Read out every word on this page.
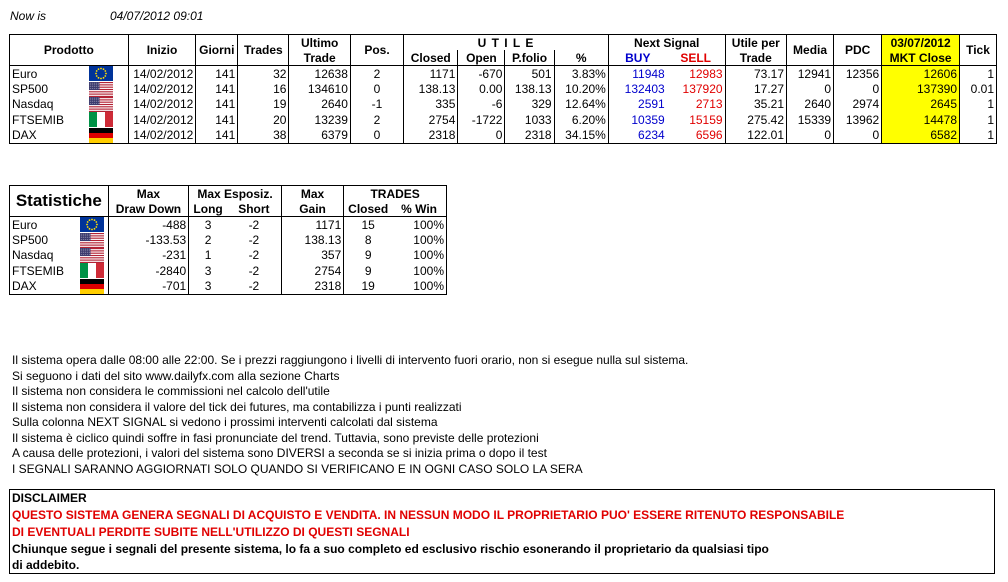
Now is	04/07/2012 09:01
Prodotto		Inizio	Giorni	Trades	Ultimo	Pos.	U T I L E				Next Signal		Utile per	Media	PDC	03/07/2012	Tick
					Trade		Closed	Open	P.folio	%	BUY	SELL	Trade			MKT Close	
Euro		14/02/2012	141	32	12638	2	1171	-670	501	3.83%	11948	12983	73.17	12941	12356	12606	1
SP500		14/02/2012	141	16	134610	0	138.13	0.00	138.13	10.20%	132403	137920	17.27	0	0	137390	0.01
Nasdaq		14/02/2012	141	19	2640	-1	335	-6	329	12.64%	2591	2713	35.21	2640	2974	2645	1
FTSEMIB		14/02/2012	141	20	13239	2	2754	-1722	1033	6.20%	10359	15159	275.42	15339	13962	14478	1
DAX		14/02/2012	141	38	6379	0	2318	0	2318	34.15%	6234	6596	122.01	0	0	6582	1
Statistiche		Max	Max Esposiz.		Max	TRADES	
		Draw Down	Long	Short	Gain	Closed	% Win
Euro		-488	3	-2	1171	15	100%
SP500		-133.53	2	-2	138.13	8	100%
Nasdaq		-231	1	-2	357	9	100%
FTSEMIB		-2840	3	-2	2754	9	100%
DAX		-701	3	-2	2318	19	100%
Il sistema opera dalle 08:00 alle 22:00. Se i prezzi raggiungono i livelli di intervento fuori orario, non si esegue nulla sul sistema.
Si seguono i dati del sito www.dailyfx.com alla sezione Charts
Il sistema non considera le commissioni nel calcolo dell'utile
Il sistema non considera il valore del tick dei futures, ma contabilizza i punti realizzati
Sulla colonna NEXT SIGNAL si vedono i prossimi interventi calcolati dal sistema
Il sistema è ciclico quindi soffre in fasi pronunciate del trend. Tuttavia, sono previste delle protezioni
A causa delle protezioni, i valori del sistema sono DIVERSI a seconda se si inizia prima o dopo il test
I SEGNALI SARANNO AGGIORNATI SOLO QUANDO SI VERIFICANO E IN OGNI CASO SOLO LA SERA
DISCLAIMER
QUESTO SISTEMA GENERA SEGNALI DI ACQUISTO E VENDITA. IN NESSUN MODO IL PROPRIETARIO PUO' ESSERE RITENUTO RESPONSABILE
DI EVENTUALI PERDITE SUBITE NELL'UTILIZZO DI QUESTI SEGNALI
Chiunque segue i segnali del presente sistema, lo fa a suo completo ed esclusivo rischio esonerando il proprietario da qualsiasi tipo
di addebito.
